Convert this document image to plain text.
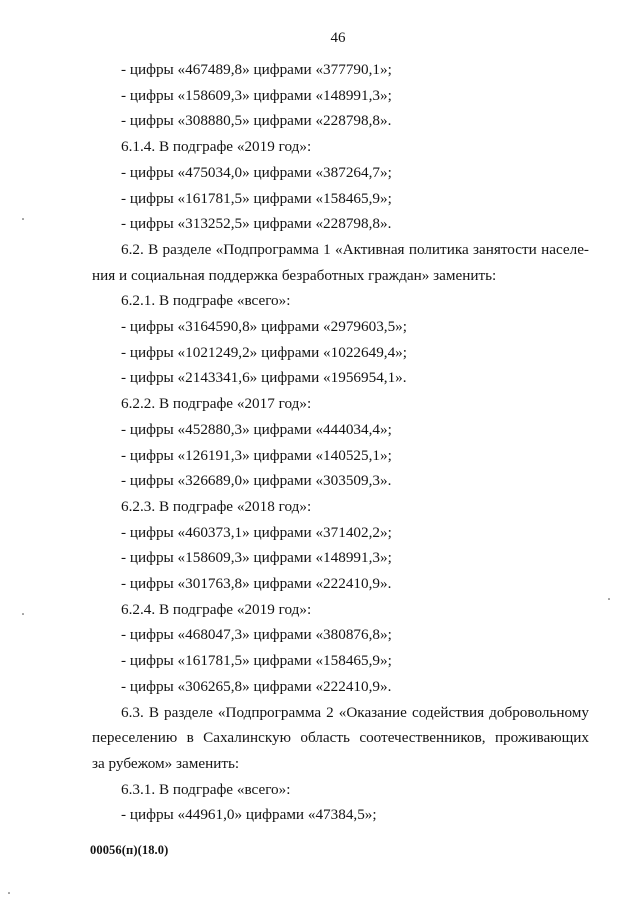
46
- цифры «467489,8» цифрами «377790,1»;
- цифры «158609,3» цифрами «148991,3»;
- цифры «308880,5» цифрами «228798,8».
6.1.4. В подграфе «2019 год»:
- цифры «475034,0» цифрами «387264,7»;
- цифры «161781,5» цифрами «158465,9»;
- цифры «313252,5» цифрами «228798,8».
6.2. В разделе «Подпрограмма 1 «Активная политика занятости населе-
ния и социальная поддержка безработных граждан» заменить:
6.2.1. В подграфе «всего»:
- цифры «3164590,8» цифрами «2979603,5»;
- цифры «1021249,2» цифрами «1022649,4»;
- цифры «2143341,6» цифрами «1956954,1».
6.2.2. В подграфе «2017 год»:
- цифры «452880,3» цифрами «444034,4»;
- цифры «126191,3» цифрами «140525,1»;
- цифры «326689,0» цифрами «303509,3».
6.2.3. В подграфе «2018 год»:
- цифры «460373,1» цифрами «371402,2»;
- цифры «158609,3» цифрами «148991,3»;
- цифры «301763,8» цифрами «222410,9».
6.2.4. В подграфе «2019 год»:
- цифры «468047,3» цифрами «380876,8»;
- цифры «161781,5» цифрами «158465,9»;
- цифры «306265,8» цифрами «222410,9».
6.3. В разделе «Подпрограмма 2 «Оказание содействия добровольному
переселению в Сахалинскую область соотечественников, проживающих
за рубежом» заменить:
6.3.1. В подграфе «всего»:
- цифры «44961,0» цифрами «47384,5»;
00056(п)(18.0)
